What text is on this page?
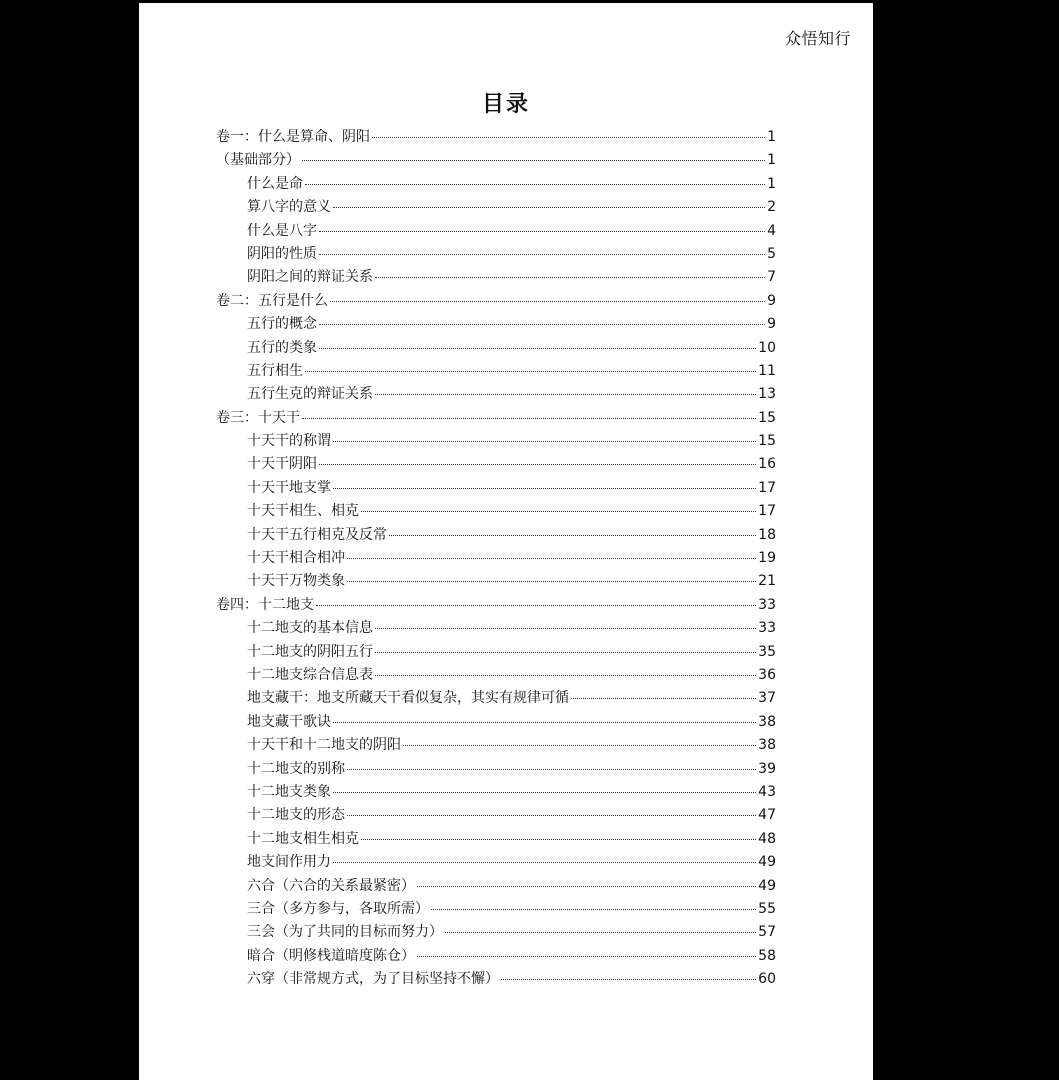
众悟知行
目录
卷一：什么是算命、阴阳	1
（基础部分）	1
什么是命	1
算八字的意义	2
什么是八字	4
阴阳的性质	5
阴阳之间的辩证关系	7
卷二：五行是什么	9
五行的概念	9
五行的类象	10
五行相生	11
五行生克的辩证关系	13
卷三：十天干	15
十天干的称谓	15
十天干阴阳	16
十天干地支掌	17
十天干相生、相克	17
十天干五行相克及反常	18
十天干相合相冲	19
十天干万物类象	21
卷四：十二地支	33
十二地支的基本信息	33
十二地支的阴阳五行	35
十二地支综合信息表	36
地支藏干：地支所藏天干看似复杂，其实有规律可循	37
地支藏干歌诀	38
十天干和十二地支的阴阳	38
十二地支的别称	39
十二地支类象	43
十二地支的形态	47
十二地支相生相克	48
地支间作用力	49
六合（六合的关系最紧密）	49
三合（多方参与，各取所需）	55
三会（为了共同的目标而努力）	57
暗合（明修栈道暗度陈仓）	58
六穿（非常规方式，为了目标坚持不懈）	60
